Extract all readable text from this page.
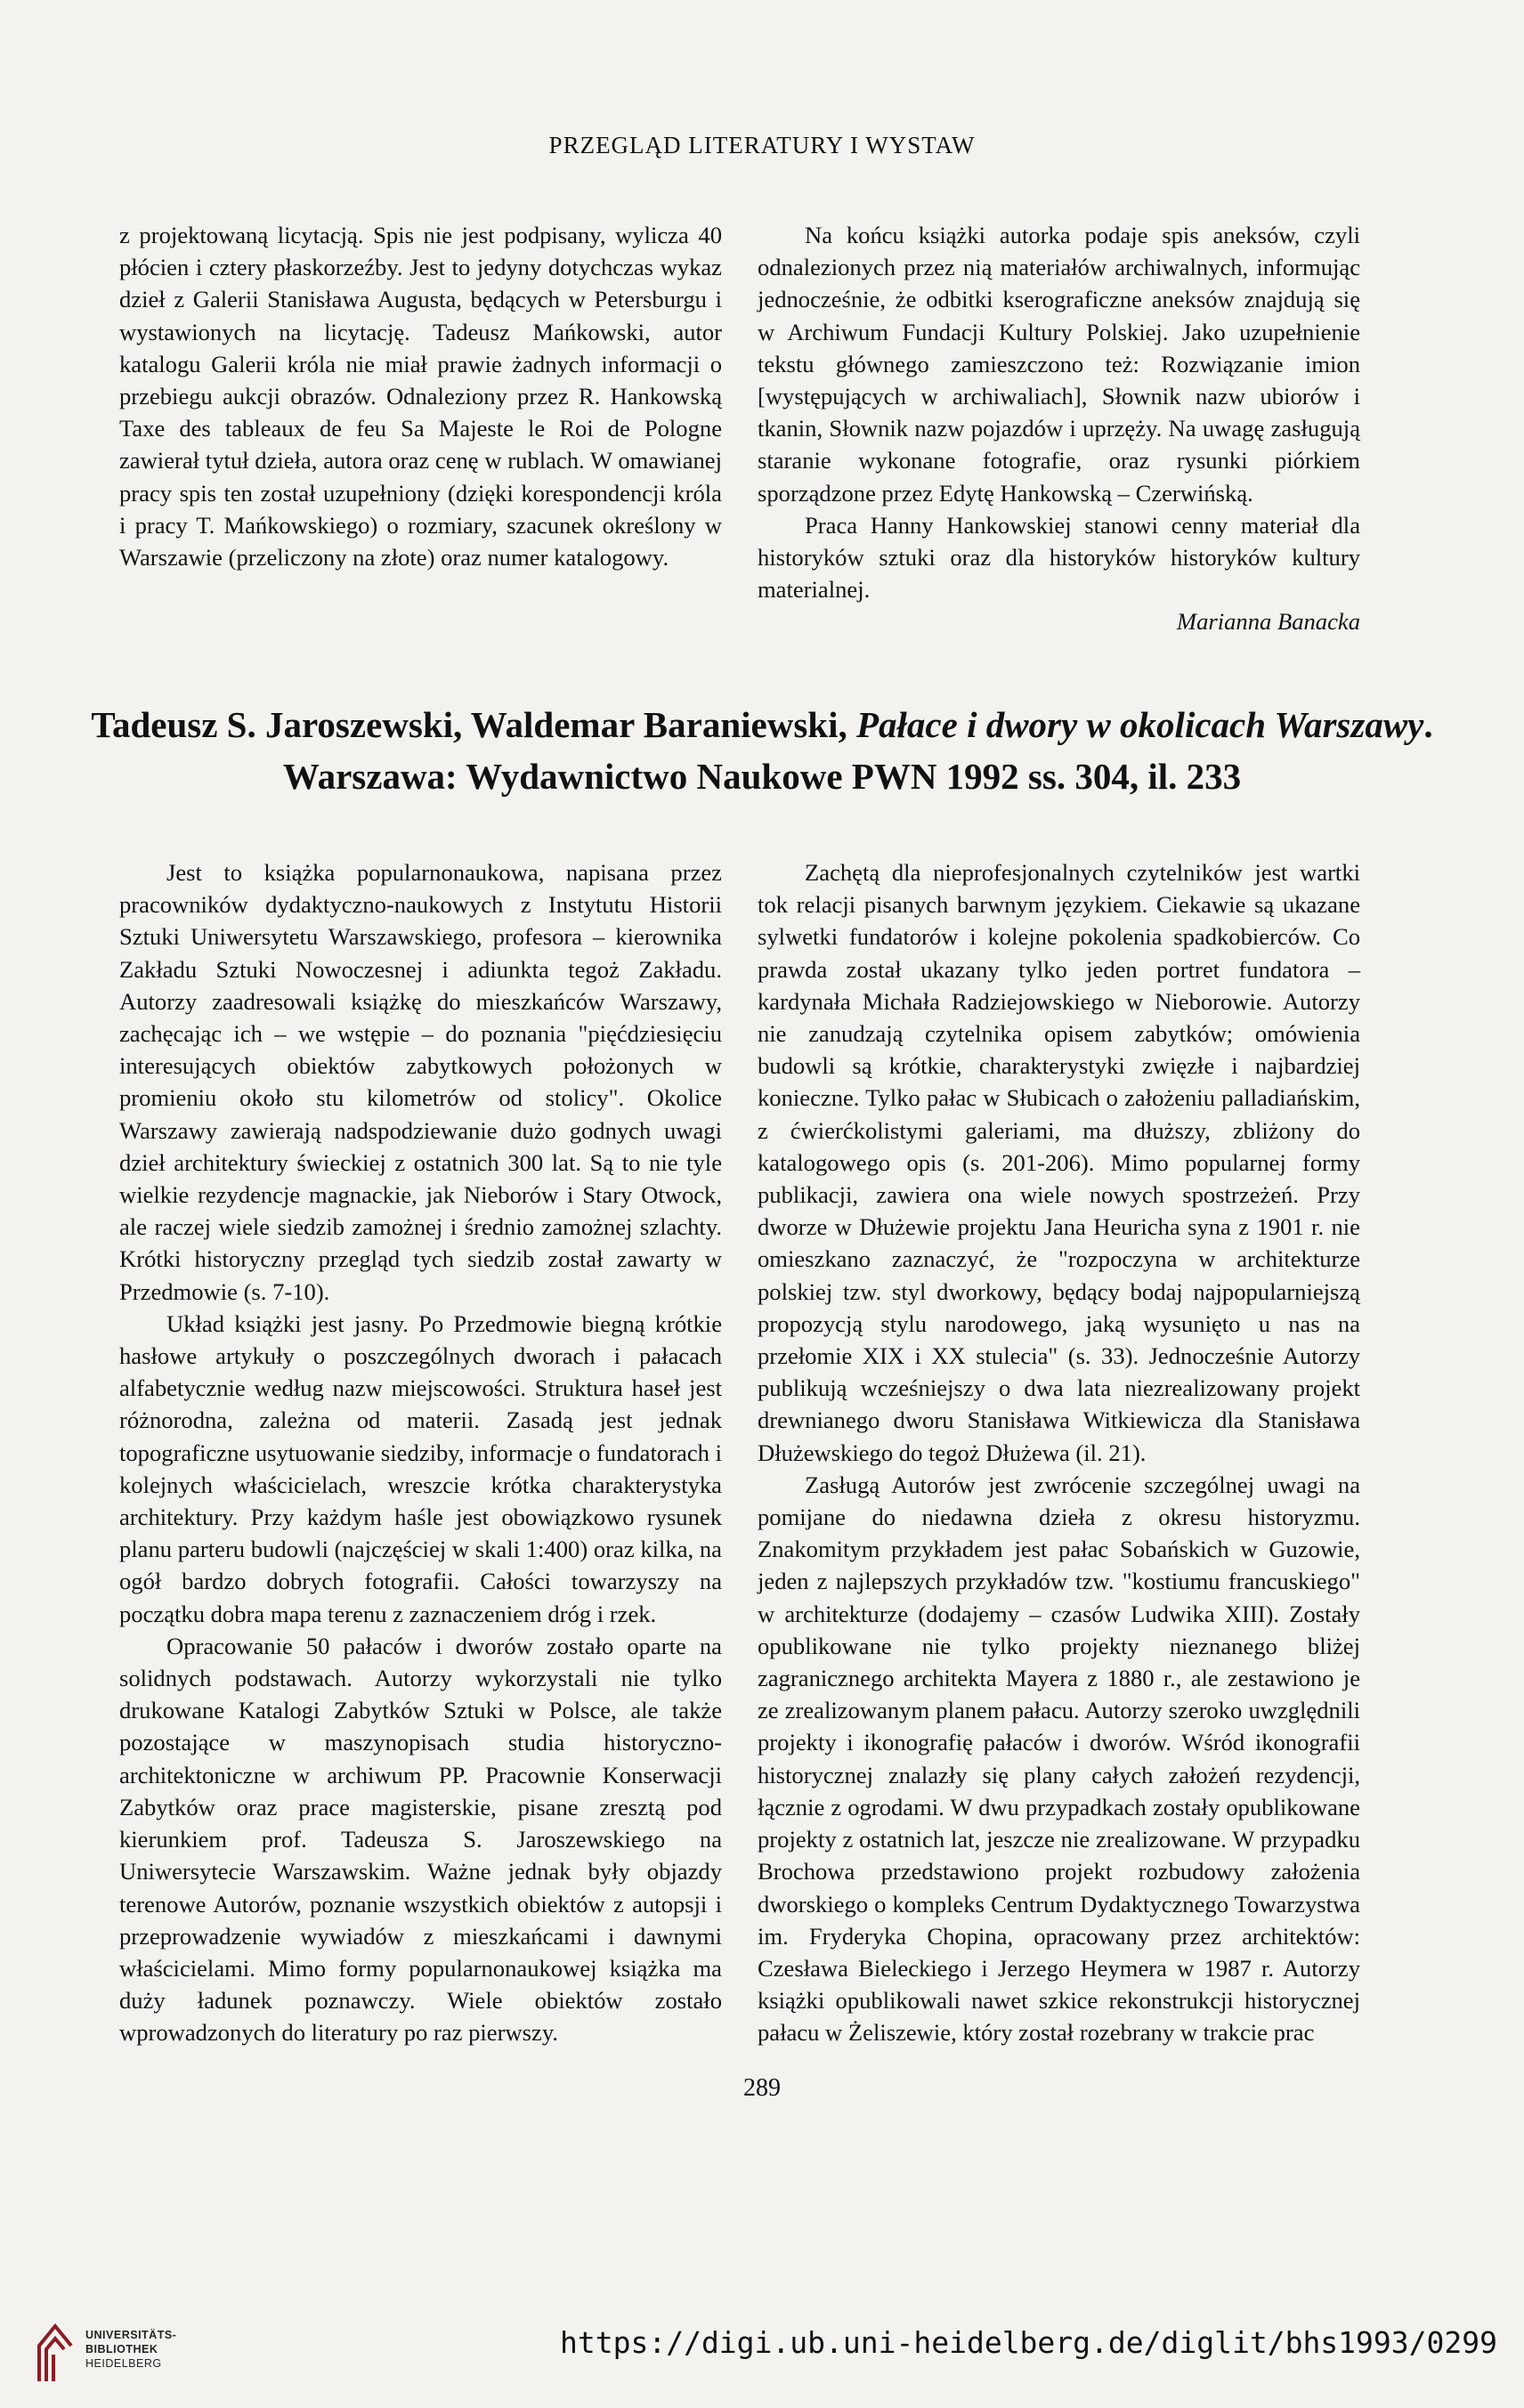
PRZEGLĄD LITERATURY I WYSTAW

z projektowaną licytacją. Spis nie jest podpisany, wylicza 40 płócien i cztery płaskorzeźby. Jest to jedyny dotychczas wykaz dzieł z Galerii Stanisława Augusta, będących w Petersburgu i wystawionych na licytację. Tadeusz Mańkowski, autor katalogu Galerii króla nie miał prawie żadnych informacji o przebiegu aukcji obrazów. Odnaleziony przez R. Hankowską Taxe des tableaux de feu Sa Majeste le Roi de Pologne zawierał tytuł dzieła, autora oraz cenę w rublach. W omawianej pracy spis ten został uzupełniony (dzięki korespondencji króla i pracy T. Mańkowskiego) o rozmiary, szacunek określony w Warszawie (przeliczony na złote) oraz numer katalogowy.

Na końcu książki autorka podaje spis aneksów, czyli odnalezionych przez nią materiałów archiwalnych, informując jednocześnie, że odbitki kserograficzne aneksów znajdują się w Archiwum Fundacji Kultury Polskiej. Jako uzupełnienie tekstu głównego zamieszczono też: Rozwiązanie imion [występujących w archiwaliach], Słownik nazw ubiorów i tkanin, Słownik nazw pojazdów i uprzęży. Na uwagę zasługują staranie wykonane fotografie, oraz rysunki piórkiem sporządzone przez Edytę Hankowską – Czerwińską.

Praca Hanny Hankowskiej stanowi cenny materiał dla historyków sztuki oraz dla historyków historyków kultury materialnej.

Marianna Banacka

Tadeusz S. Jaroszewski, Waldemar Baraniewski, Pałace i dwory w okolicach Warszawy. Warszawa: Wydawnictwo Naukowe PWN 1992 ss. 304, il. 233

Jest to książka popularnonaukowa, napisana przez pracowników dydaktyczno-naukowych z Instytutu Historii Sztuki Uniwersytetu Warszawskiego, profesora – kierownika Zakładu Sztuki Nowoczesnej i adiunkta tegoż Zakładu. Autorzy zaadresowali książkę do mieszkańców Warszawy, zachęcając ich – we wstępie – do poznania "pięćdziesięciu interesujących obiektów zabytkowych położonych w promieniu około stu kilometrów od stolicy". Okolice Warszawy zawierają nadspodziewanie dużo godnych uwagi dzieł architektury świeckiej z ostatnich 300 lat. Są to nie tyle wielkie rezydencje magnackie, jak Nieborów i Stary Otwock, ale raczej wiele siedzib zamożnej i średnio zamożnej szlachty. Krótki historyczny przegląd tych siedzib został zawarty w Przedmowie (s. 7-10).

Układ książki jest jasny. Po Przedmowie biegną krótkie hasłowe artykuły o poszczególnych dworach i pałacach alfabetycznie według nazw miejscowości. Struktura haseł jest różnorodna, zależna od materii. Zasadą jest jednak topograficzne usytuowanie siedziby, informacje o fundatorach i kolejnych właścicielach, wreszcie krótka charakterystyka architektury. Przy każdym haśle jest obowiązkowo rysunek planu parteru budowli (najczęściej w skali 1:400) oraz kilka, na ogół bardzo dobrych fotografii. Całości towarzyszy na początku dobra mapa terenu z zaznaczeniem dróg i rzek.

Opracowanie 50 pałaców i dworów zostało oparte na solidnych podstawach. Autorzy wykorzystali nie tylko drukowane Katalogi Zabytków Sztuki w Polsce, ale także pozostające w maszynopisach studia historyczno-architektoniczne w archiwum PP. Pracownie Konserwacji Zabytków oraz prace magisterskie, pisane zresztą pod kierunkiem prof. Tadeusza S. Jaroszewskiego na Uniwersytecie Warszawskim. Ważne jednak były objazdy terenowe Autorów, poznanie wszystkich obiektów z autopsji i przeprowadzenie wywiadów z mieszkańcami i dawnymi właścicielami. Mimo formy popularnonaukowej książka ma duży ładunek poznawczy. Wiele obiektów zostało wprowadzonych do literatury po raz pierwszy.

Zachętą dla nieprofesjonalnych czytelników jest wartki tok relacji pisanych barwnym językiem. Ciekawie są ukazane sylwetki fundatorów i kolejne pokolenia spadkobierców. Co prawda został ukazany tylko jeden portret fundatora – kardynała Michała Radziejowskiego w Nieborowie. Autorzy nie zanudzają czytelnika opisem zabytków; omówienia budowli są krótkie, charakterystyki zwięzłe i najbardziej konieczne. Tylko pałac w Słubicach o założeniu palladiańskim, z ćwierćkolistymi galeriami, ma dłuższy, zbliżony do katalogowego opis (s. 201-206). Mimo popularnej formy publikacji, zawiera ona wiele nowych spostrzeżeń. Przy dworze w Dłużewie projektu Jana Heuricha syna z 1901 r. nie omieszkano zaznaczyć, że "rozpoczyna w architekturze polskiej tzw. styl dworkowy, będący bodaj najpopularniejszą propozycją stylu narodowego, jaką wysunięto u nas na przełomie XIX i XX stulecia" (s. 33). Jednocześnie Autorzy publikują wcześniejszy o dwa lata niezrealizowany projekt drewnianego dworu Stanisława Witkiewicza dla Stanisława Dłużewskiego do tegoż Dłużewa (il. 21).

Zasługą Autorów jest zwrócenie szczególnej uwagi na pomijane do niedawna dzieła z okresu historyzmu. Znakomitym przykładem jest pałac Sobańskich w Guzowie, jeden z najlepszych przykładów tzw. "kostiumu francuskiego" w architekturze (dodajemy – czasów Ludwika XIII). Zostały opublikowane nie tylko projekty nieznanego bliżej zagranicznego architekta Mayera z 1880 r., ale zestawiono je ze zrealizowanym planem pałacu. Autorzy szeroko uwzględnili projekty i ikonografię pałaców i dworów. Wśród ikonografii historycznej znalazły się plany całych założeń rezydencji, łącznie z ogrodami. W dwu przypadkach zostały opublikowane projekty z ostatnich lat, jeszcze nie zrealizowane. W przypadku Brochowa przedstawiono projekt rozbudowy założenia dworskiego o kompleks Centrum Dydaktycznego Towarzystwa im. Fryderyka Chopina, opracowany przez architektów: Czesława Bieleckiego i Jerzego Heymera w 1987 r. Autorzy książki opublikowali nawet szkice rekonstrukcji historycznej pałacu w Żeliszewie, który został rozebrany w trakcie prac

289
UNIVERSITÄTS-
BIBLIOTHEK
HEIDELBERG
https://digi.ub.uni-heidelberg.de/diglit/bhs1993/0299
